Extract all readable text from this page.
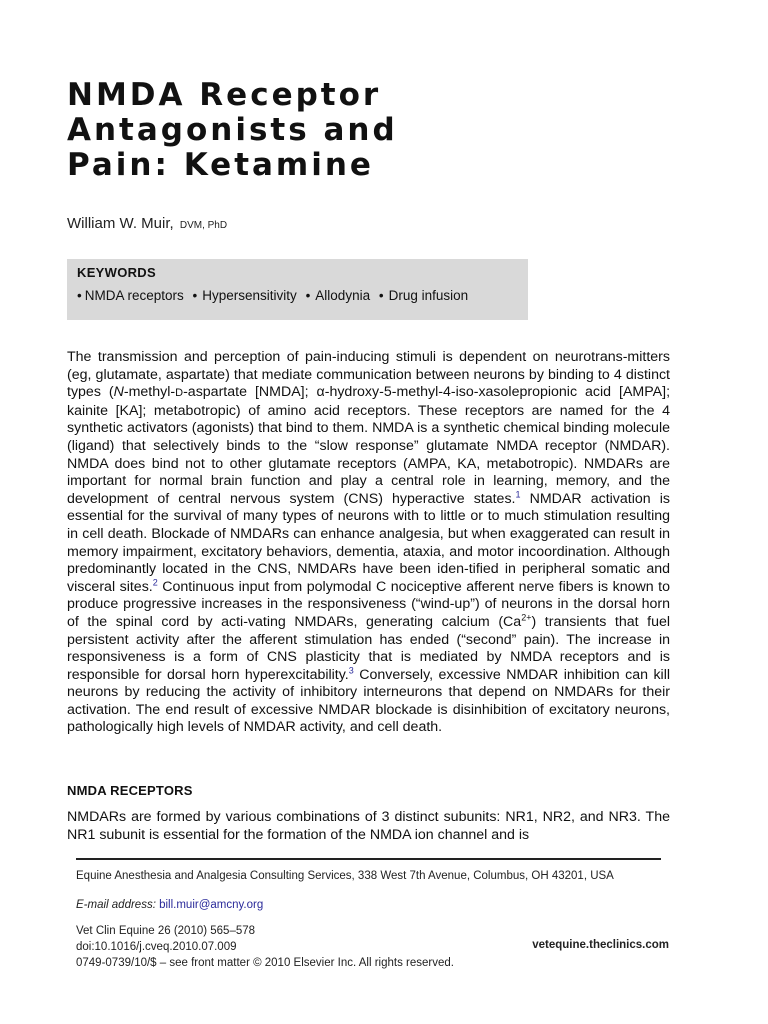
NMDA Receptor
Antagonists and
Pain: Ketamine
William W. Muir, DVM, PhD
KEYWORDS
• NMDA receptors • Hypersensitivity • Allodynia • Drug infusion

The transmission and perception of pain-inducing stimuli is dependent on neurotrans-mitters (eg, glutamate, aspartate) that mediate communication between neurons by binding to 4 distinct types (N-methyl-D-aspartate [NMDA]; α-hydroxy-5-methyl-4-iso-xasolepropionic acid [AMPA]; kainite [KA]; metabotropic) of amino acid receptors. These receptors are named for the 4 synthetic activators (agonists) that bind to them. NMDA is a synthetic chemical binding molecule (ligand) that selectively binds to the “slow response” glutamate NMDA receptor (NMDAR). NMDA does bind not to other glutamate receptors (AMPA, KA, metabotropic). NMDARs are important for normal brain function and play a central role in learning, memory, and the development of central nervous system (CNS) hyperactive states.$^1$ NMDAR activation is essential for the survival of many types of neurons with to little or to much stimulation resulting in cell death. Blockade of NMDARs can enhance analgesia, but when exaggerated can result in memory impairment, excitatory behaviors, dementia, ataxia, and motor incoordination. Although predominantly located in the CNS, NMDARs have been iden-tified in peripheral somatic and visceral sites.$^2$ Continuous input from polymodal C nociceptive afferent nerve fibers is known to produce progressive increases in the responsiveness (“wind-up”) of neurons in the dorsal horn of the spinal cord by acti-vating NMDARs, generating calcium $(Ca^{2+})$ transients that fuel persistent activity after the afferent stimulation has ended (“second” pain). The increase in responsiveness is a form of CNS plasticity that is mediated by NMDA receptors and is responsible for dorsal horn hyperexcitability.$^3$ Conversely, excessive NMDAR inhibition can kill neurons by reducing the activity of inhibitory interneurons that depend on NMDARs for their activation. The end result of excessive NMDAR blockade is disinhibition of excitatory neurons, pathologically high levels of NMDAR activity, and cell death.

NMDA RECEPTORS
NMDARs are formed by various combinations of 3 distinct subunits: NR1, NR2, and NR3. The NR1 subunit is essential for the formation of the NMDA ion channel and is
Equine Anesthesia and Analgesia Consulting Services, 338 West 7th Avenue, Columbus, OH 43201, USA
E-mail address: bill.muir@amcny.org
Vet Clin Equine 26 (2010) 565–578
doi:10.1016/j.cveq.2010.07.009
0749-0739/10/$ – see front matter © 2010 Elsevier Inc. All rights reserved.
vetequine.theclinics.com
